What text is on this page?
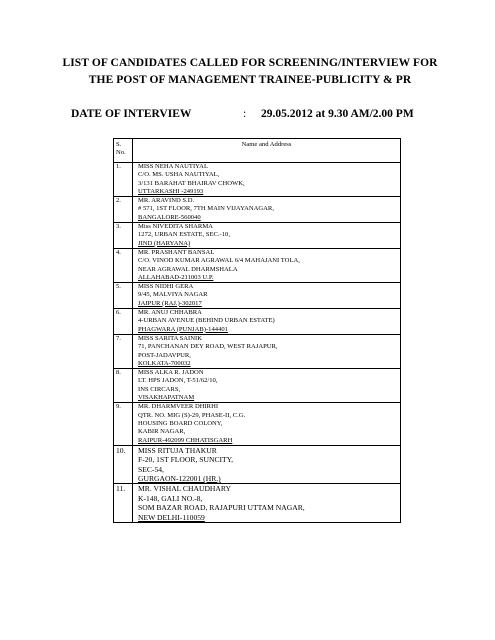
LIST OF CANDIDATES CALLED FOR SCREENING/INTERVIEW FOR
THE POST OF MANAGEMENT TRAINEE-PUBLICITY & PR
DATE OF INTERVIEW	: 29.05.2012 at 9.30 AM/2.00 PM
S. No.	Name and Address
1.	MISS NEHA NAUTIYAL
C/O. MS. USHA NAUTIYAL,
3/131 BARAHAT BHAIRAV CHOWK,
UTTARKASHI -249193

2.	MR. ARAVIND S.D.
# 571, 1ST FLOOR, 7TH MAIN VIJAYANAGAR,
BANGALORE-560040

3.	Miss NIVEDITA SHARMA
1272, URBAN ESTATE, SEC.-10,
JIND (HARYANA)

4.	MR. PRASHANT BANSAL
C/O. VINOD KUMAR AGRAWAL 6/4 MAHAJANI TOLA,
NEAR AGRAWAL DHARMSHALA
ALLAHABAD-211003 U.P.

5.	MISS NIDHI GERA
9/45, MALVIYA NAGAR
JAIPUR (RAJ.)-302017

6.	MR. ANUJ CHHABRA
4-URBAN AVENUE (BEHIND URBAN ESTATE)
PHAGWARA (PUNJAB)-144401

7.	MISS SARITA SAINIK
71, PANCHANAN DEY ROAD, WEST RAJAPUR,
POST-JADAVPUR,
KOLKATA-700032

8.	MISS ALKA R. JADON
LT. HPS JADON, T-51/62/10,
INS CIRCARS,
VISAKHAPATNAM

9.	MR. DHARMVEER DHIRHI
QTR. NO. MIG (S)-29, PHASE-II, C.G.
HOUSING BOARD COLONY,
KABIR NAGAR,
RAIPUR-492099 CHHATISGARH

10.	MISS RITUJA THAKUR
F-20, 1ST FLOOR, SUNCITY,
SEC-54,
GURGAON-122001 (HR.)

11.	MR. VISHAL CHAUDHARY
K-148, GALI NO.-8,
SOM BAZAR ROAD, RAJAPURI UTTAM NAGAR,
NEW DELHI-110059
